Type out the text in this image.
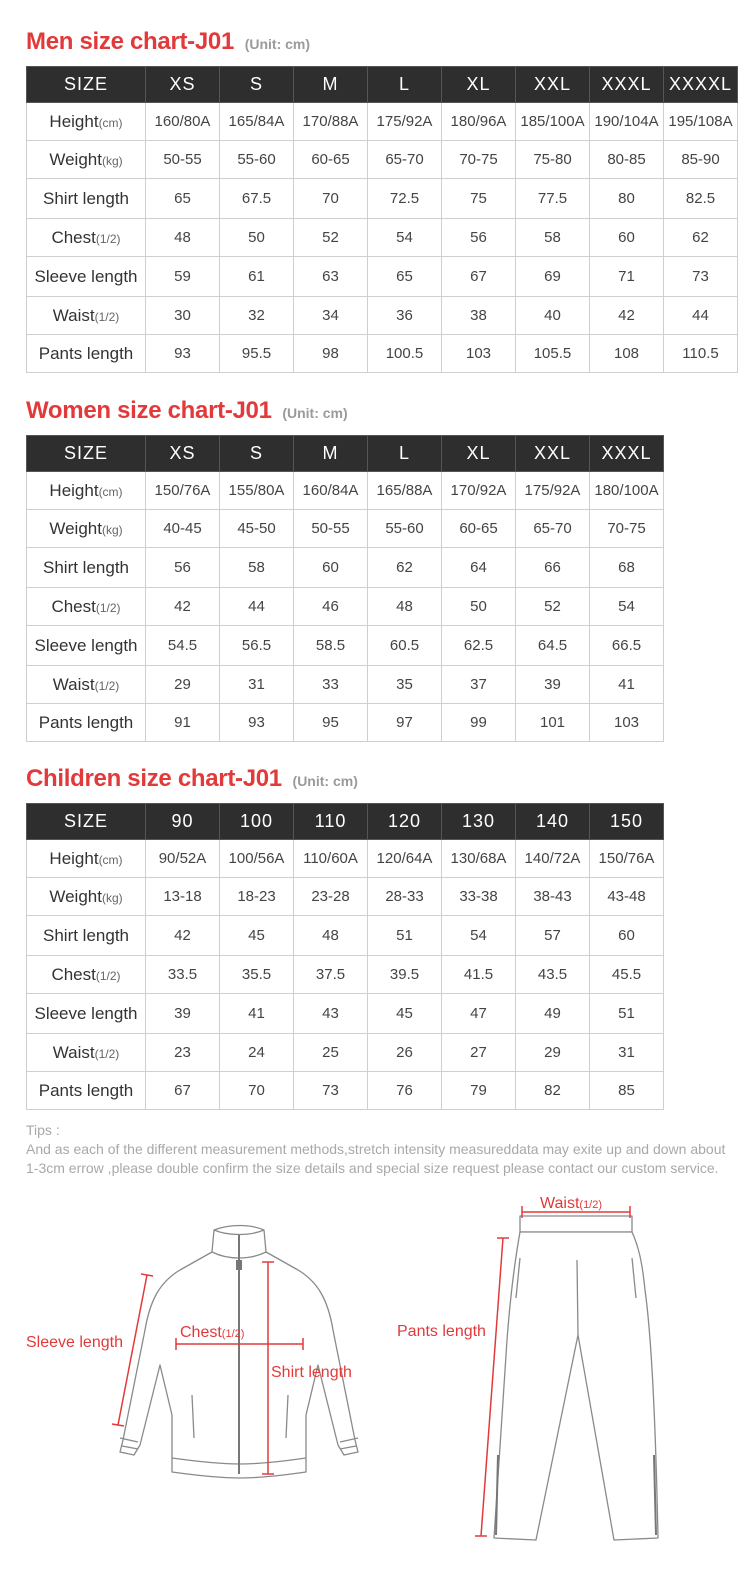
Men size chart-J01 (Unit: cm)
SIZE	XS	S	M	L	XL	XXL	XXXL	XXXXL
Height(cm)	160/80A	165/84A	170/88A	175/92A	180/96A	185/100A	190/104A	195/108A
Weight(kg)	50-55	55-60	60-65	65-70	70-75	75-80	80-85	85-90
Shirt length	65	67.5	70	72.5	75	77.5	80	82.5
Chest(1/2)	48	50	52	54	56	58	60	62
Sleeve length	59	61	63	65	67	69	71	73
Waist(1/2)	30	32	34	36	38	40	42	44
Pants length	93	95.5	98	100.5	103	105.5	108	110.5
Women size chart-J01 (Unit: cm)
SIZE	XS	S	M	L	XL	XXL	XXXL
Height(cm)	150/76A	155/80A	160/84A	165/88A	170/92A	175/92A	180/100A
Weight(kg)	40-45	45-50	50-55	55-60	60-65	65-70	70-75
Shirt length	56	58	60	62	64	66	68
Chest(1/2)	42	44	46	48	50	52	54
Sleeve length	54.5	56.5	58.5	60.5	62.5	64.5	66.5
Waist(1/2)	29	31	33	35	37	39	41
Pants length	91	93	95	97	99	101	103
Children size chart-J01 (Unit: cm)
SIZE	90	100	110	120	130	140	150
Height(cm)	90/52A	100/56A	110/60A	120/64A	130/68A	140/72A	150/76A
Weight(kg)	13-18	18-23	23-28	28-33	33-38	38-43	43-48
Shirt length	42	45	48	51	54	57	60
Chest(1/2)	33.5	35.5	37.5	39.5	41.5	43.5	45.5
Sleeve length	39	41	43	45	47	49	51
Waist(1/2)	23	24	25	26	27	29	31
Pants length	67	70	73	76	79	82	85

Tips :

And as each of the different measurement methods,stretch intensity measureddata may exite up and down about 1-3cm errow ,please double confirm the size details and special size request please contact our custom service.

Sleeve length
Chest(1/2)
Shirt length
Pants length
Waist(1/2)
